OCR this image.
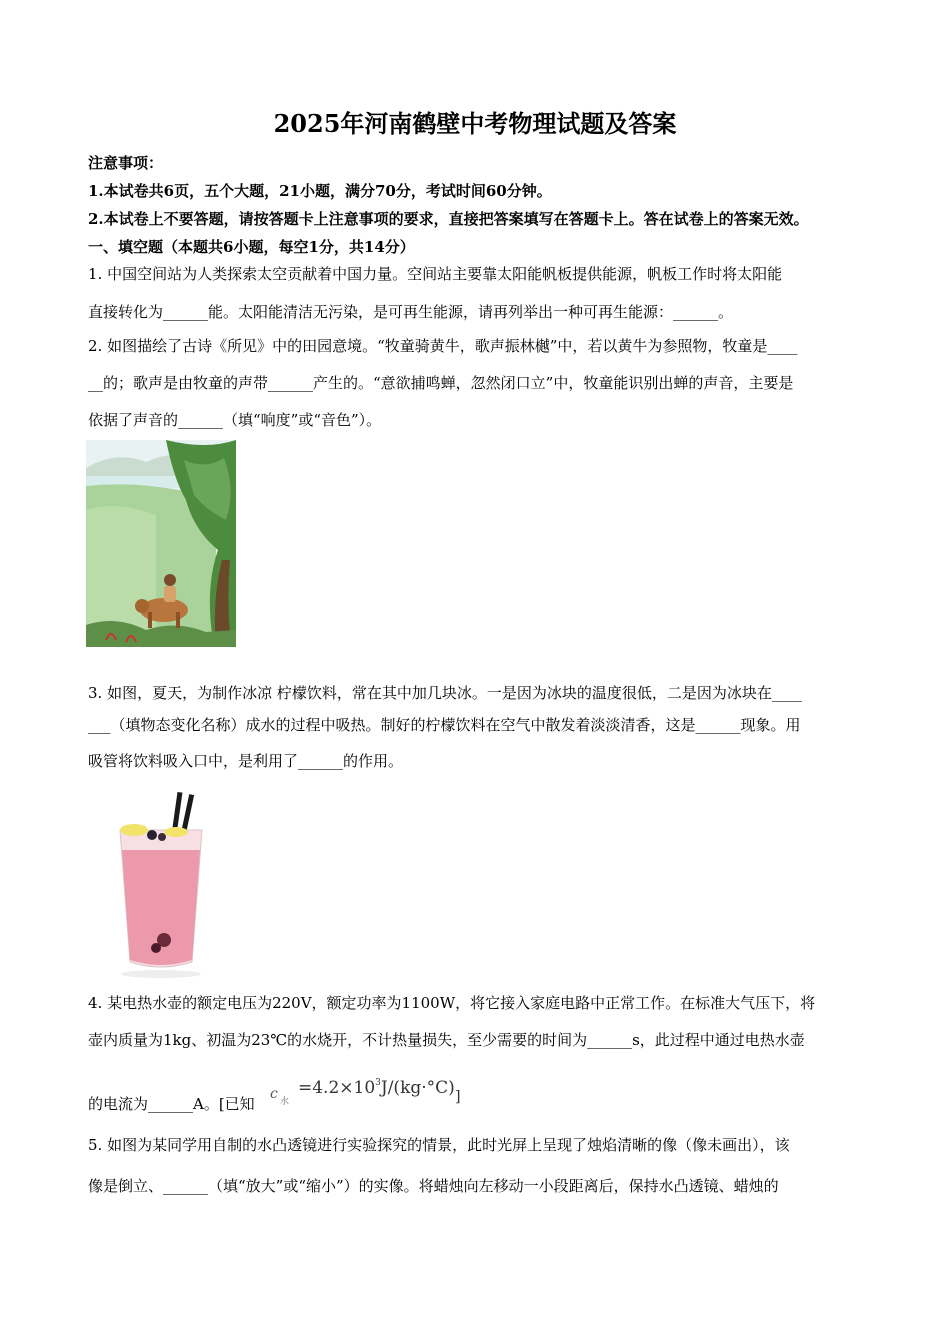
2025年河南鹤壁中考物理试题及答案
注意事项：
1.本试卷共6页，五个大题，21小题，满分70分，考试时间60分钟。
2.本试卷上不要答题，请按答题卡上注意事项的要求，直接把答案填写在答题卡上。答在试卷上的答案无效。
一、填空题（本题共6小题，每空1分，共14分）
1. 中国空间站为人类探索太空贡献着中国力量。空间站主要靠太阳能帆板提供能源，帆板工作时将太阳能
直接转化为______能。太阳能清洁无污染，是可再生能源，请再列举出一种可再生能源：______。
2. 如图描绘了古诗《所见》中的田园意境。“牧童骑黄牛，歌声振林樾”中，若以黄牛为参照物，牧童是____
__的；歌声是由牧童的声带______产生的。“意欲捕鸣蝉，忽然闭口立”中，牧童能识别出蝉的声音，主要是
依据了声音的______（填“响度”或“音色”）。
3. 如图，夏天，为制作冰凉 柠檬饮料，常在其中加几块冰。一是因为冰块的温度很低，二是因为冰块在____
___（填物态变化名称）成水的过程中吸热。制好的柠檬饮料在空气中散发着淡淡清香，这是______现象。用
吸管将饮料吸入口中，是利用了______的作用。
4. 某电热水壶的额定电压为220V，额定功率为1100W，将它接入家庭电路中正常工作。在标准大气压下，将
壶内质量为1kg、初温为23℃的水烧开，不计热量损失，至少需要的时间为______s，此过程中通过电热水壶
的电流为______A。[已知
c 水
$=4.2\times 10^3J/(kg\cdot^\circ C)$]
5. 如图为某同学用自制的水凸透镜进行实验探究的情景，此时光屏上呈现了烛焰清晰的像（像未画出），该
像是倒立、______（填“放大”或“缩小”）的实像。将蜡烛向左移动一小段距离后，保持水凸透镜、蜡烛的
